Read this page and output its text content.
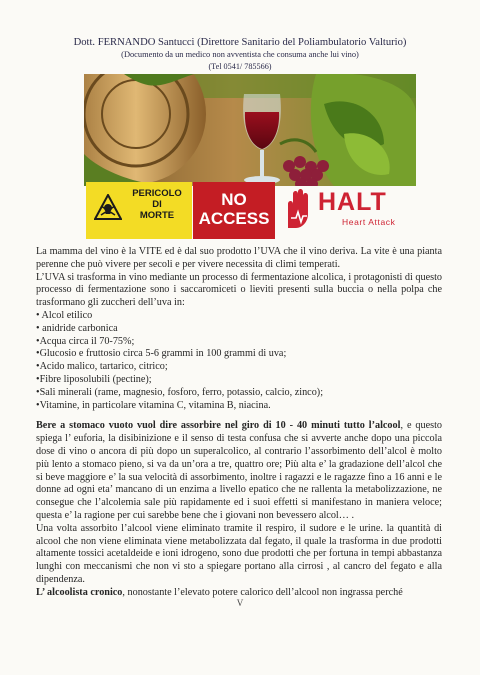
Dott. FERNANDO Santucci (Direttore Sanitario del Poliambulatorio Valturio)
(Documento da un medico non avventista che consuma anche lui vino)
(Tel 0541/ 785566)
PERICOLO
DI
MORTE
NO
ACCESS
HALT
Heart Attack

La mamma del vino è la VITE ed è dal suo prodotto l’UVA che il vino deriva. La vite è una pianta perenne che può vivere per secoli e per vivere necessita di climi temperati.

L’UVA si trasforma in vino mediante un processo di fermentazione alcolica, i protagonisti di questo processo di fermentazione sono i saccaromiceti o lieviti presenti sulla buccia o nella polpa che trasformano gli zuccheri dell’uva in:

• Alcol etilico
• anidride carbonica
•Acqua circa il 70-75%;
•Glucosio e fruttosio circa 5-6 grammi in 100 grammi di uva;
•Acido malico, tartarico, citrico;
•Fibre liposolubili (pectine);
•Sali minerali (rame, magnesio, fosforo, ferro, potassio, calcio, zinco);
•Vitamine, in particolare vitamina C, vitamina B, niacina.

Bere a stomaco vuoto vuol dire assorbire nel giro di 10 - 40 minuti tutto l’alcool, e questo spiega l’ euforia, la disibinizione e il senso di testa confusa che si avverte anche dopo una piccola dose di vino o ancora di più dopo un superalcolico, al contrario l’assorbimento dell’alcol è molto più lento a stomaco pieno, si va da un’ora a tre, quattro ore; Più alta e’ la gradazione dell’alcol che si beve maggiore e’ la sua velocità di assorbimento, inoltre i ragazzi e le ragazze fino a 16 anni e le donne ad ogni eta’ mancano di un enzima a livello epatico che ne rallenta la metabolizzazione, ne consegue che l’alcolemia sale più rapidamente ed i suoi effetti si manifestano in maniera veloce; questa e’ la ragione per cui sarebbe bene che i giovani non bevessero alcol… .

Una volta assorbito l’alcool viene eliminato tramite il respiro, il sudore e le urine. la quantità di alcool che non viene eliminata viene metabolizzata dal fegato, il quale la trasforma in due prodotti altamente tossici acetaldeide e ioni idrogeno, sono due prodotti che per fortuna in tempi abbastanza lunghi con meccanismi che non vi sto a spiegare portano alla cirrosi , al cancro del fegato e alla dipendenza.

L’ alcoolista cronico, nonostante l’elevato potere calorico dell’alcool non ingrassa perché

V
